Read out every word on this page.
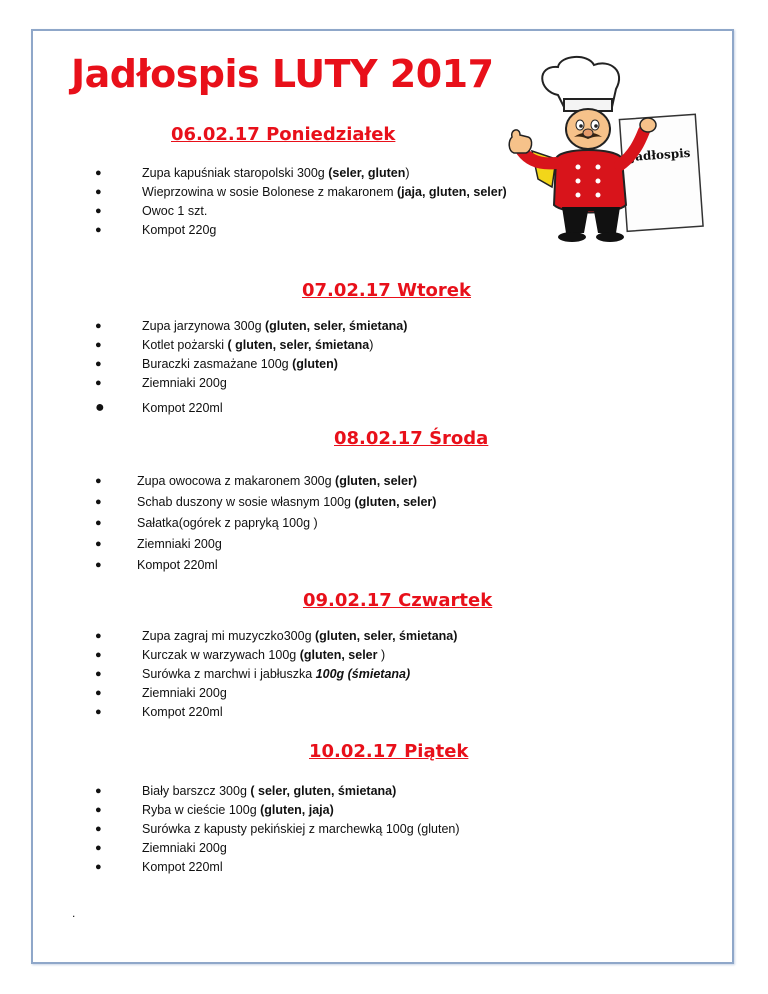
Jadłospis LUTY 2017
Jadłospis
06.02.17 Poniedziałek
●	Zupa kapuśniak staropolski 300g (seler, gluten)
●	Wieprzowina w sosie Bolonese z makaronem (jaja, gluten, seler)
●	Owoc 1 szt.
●	Kompot 220g
07.02.17 Wtorek
●	Zupa jarzynowa 300g (gluten, seler, śmietana)
●	Kotlet pożarski ( gluten, seler, śmietana)
●	Buraczki zasmażane 100g (gluten)
●	Ziemniaki 200g
●	Kompot 220ml
08.02.17 Środa
●	Zupa owocowa z makaronem 300g (gluten, seler)
●	Schab duszony w sosie własnym 100g (gluten, seler)
●	Sałatka(ogórek z papryką 100g )
●	Ziemniaki 200g
●	Kompot 220ml
09.02.17 Czwartek
●	Zupa zagraj mi muzyczko300g (gluten, seler, śmietana)
●	Kurczak w warzywach 100g (gluten, seler )
●	Surówka z marchwi i jabłuszka 100g (śmietana)
●	Ziemniaki 200g
●	Kompot 220ml
10.02.17 Piątek
●	Biały barszcz 300g ( seler, gluten, śmietana)
●	Ryba w cieście 100g (gluten, jaja)
●	Surówka z kapusty pekińskiej z marchewką 100g (gluten)
●	Ziemniaki 200g
●	Kompot 220ml
.
